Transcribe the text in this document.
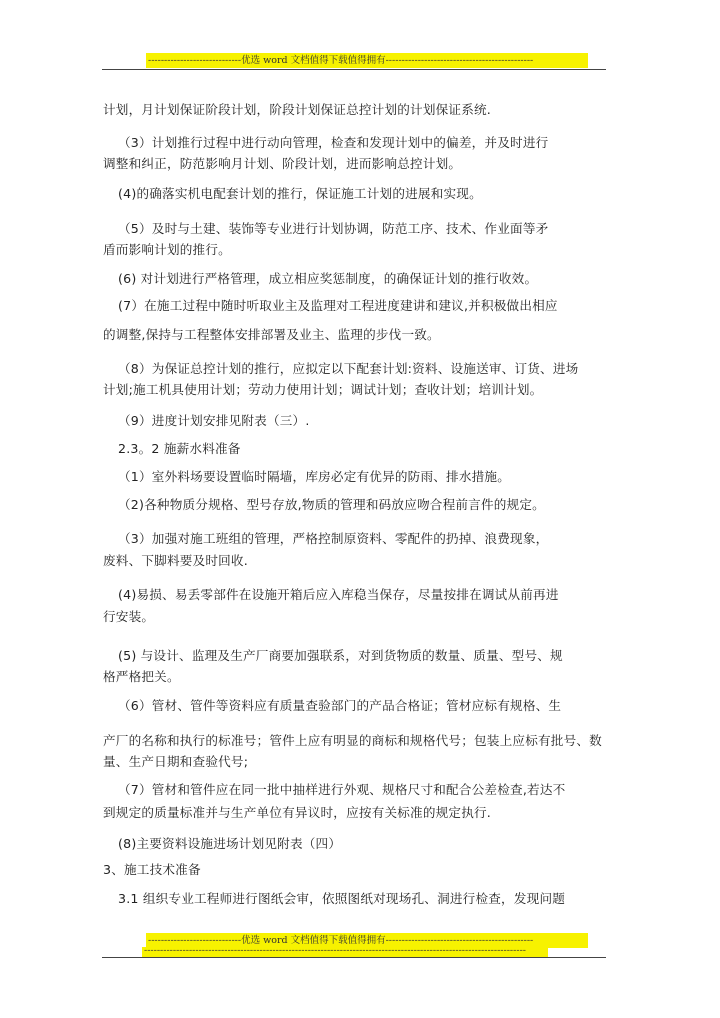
-----------------------------优选 word 文档值得下载值得拥有----------------------------------------------
计划，月计划保证阶段计划，阶段计划保证总控计划的计划保证系统.
（3）计划推行过程中进行动向管理，检查和发现计划中的偏差，并及时进行
调整和纠正，防范影响月计划、阶段计划，进而影响总控计划。
(4)的确落实机电配套计划的推行，保证施工计划的进展和实现。
（5）及时与土建、装饰等专业进行计划协调，防范工序、技术、作业面等矛
盾而影响计划的推行。
(6) 对计划进行严格管理，成立相应奖惩制度，的确保证计划的推行收效。
(7）在施工过程中随时听取业主及监理对工程进度建讲和建议,并积极做出相应
的调整,保持与工程整体安排部署及业主、监理的步伐一致。
（8）为保证总控计划的推行，应拟定以下配套计划:资料、设施送审、订货、进场
计划;施工机具使用计划；劳动力使用计划；调试计划；查收计划；培训计划。
（9）进度计划安排见附表（三）.
2.3。2 施薪水料准备
（1）室外料场要设置临时隔墙，库房必定有优异的防雨、排水措施。
（2)各种物质分规格、型号存放,物质的管理和码放应吻合程前言件的规定。
（3）加强对施工班组的管理，严格控制原资料、零配件的扔掉、浪费现象，
废料、下脚料要及时回收.
(4)易损、易丢零部件在设施开箱后应入库稳当保存，尽量按排在调试从前再进
行安装。
(5) 与设计、监理及生产厂商要加强联系，对到货物质的数量、质量、型号、规
格严格把关。
（6）管材、管件等资料应有质量查验部门的产品合格证；管材应标有规格、生
产厂的名称和执行的标准号；管件上应有明显的商标和规格代号；包装上应标有批号、数
量、生产日期和查验代号;
（7）管材和管件应在同一批中抽样进行外观、规格尺寸和配合公差检查,若达不
到规定的质量标准并与生产单位有异议时，应按有关标准的规定执行.
(8)主要资料设施进场计划见附表（四）
3、施工技术准备
3.1 组织专业工程师进行图纸会审，依照图纸对现场孔、洞进行检查，发现问题
-----------------------------优选 word 文档值得下载值得拥有----------------------------------------------
-----------------------------------------------------------------------------------------------------------------------
